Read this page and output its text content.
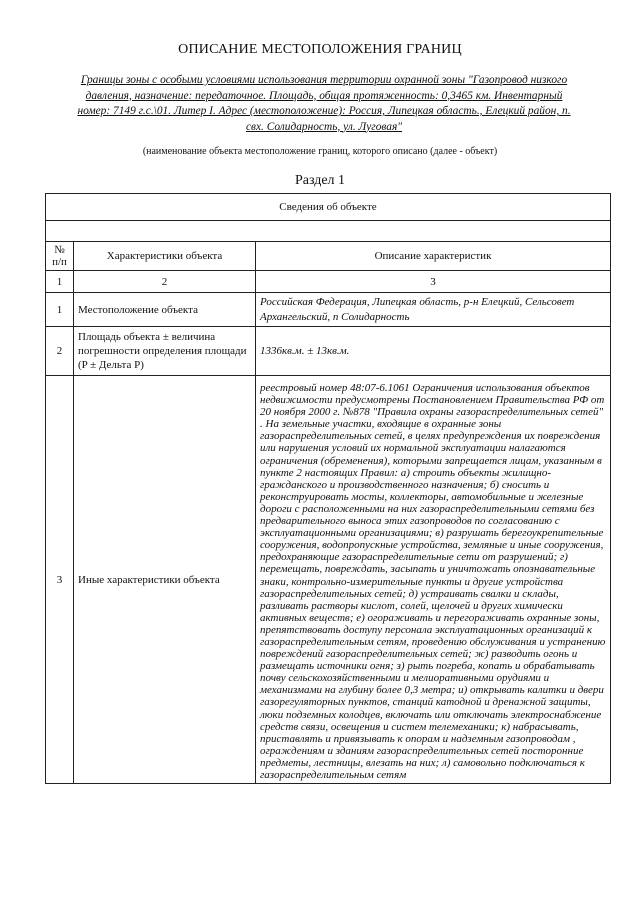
ОПИСАНИЕ МЕСТОПОЛОЖЕНИЯ ГРАНИЦ
Границы зоны с особыми условиями использования территории охранной зоны "Газопровод низкого давления, назначение: передаточное. Площадь, общая протяженность: 0,3465 км. Инвентарный номер: 7149 г.с.\01. Литер I. Адрес (местоположение): Россия, Липецкая область., Елецкий район, п. свх. Солидарность, ул. Луговая"
(наименование объекта местоположение границ, которого описано (далее - объект)
Раздел 1
Сведения об объекте		

№ п/п	Характеристики объекта	Описание характеристик
1	2	3
1	Местоположение объекта	Российская Федерация, Липецкая область, р-н Елецкий, Сельсовет Архангельский, п Солидарность
2	Площадь объекта ± величина погрешности определения площади (P ± Дельта P)	1336кв.м. ± 13кв.м.
3	Иные характеристики объекта	реестровый номер 48:07-6.1061 Ограничения использования объектов недвижимости предусмотрены Постановлением Правительства РФ от 20 ноября 2000 г. №878 "Правила охраны газораспределительных сетей" . На земельные участки, входящие в охранные зоны газораспределительных сетей, в целях предупреждения их повреждения или нарушения условий их нормальной эксплуатации налагаются ограничения (обременения), которыми запрещается лицам, указанным в пункте 2 настоящих Правил: а) строить объекты жилищно-гражданского и производственного назначения; б) сносить и реконструировать мосты, коллекторы, автомобильные и железные дороги с расположенными на них газораспределительными сетями без предварительного выноса этих газопроводов по согласованию с эксплуатационными организациями; в) разрушать берегоукрепительные сооружения, водопропускные устройства, земляные и иные сооружения, предохраняющие газораспределительные сети от разрушений; г) перемещать, повреждать, засыпать и уничтожать опознавательные знаки, контрольно-измерительные пункты и другие устройства газораспределительных сетей; д) устраивать свалки и склады, разливать растворы кислот, солей, щелочей и других химически активных веществ; е) огораживать и перегораживать охранные зоны, препятствовать доступу персонала эксплуатационных организаций к газораспределительным сетям, проведению обслуживания и устранению повреждений газораспределительных сетей; ж) разводить огонь и размещать источники огня; з) рыть погреба, копать и обрабатывать почву сельскохозяйственными и мелиоративными орудиями и механизмами на глубину более 0,3 метра; и) открывать калитки и двери газорегуляторных пунктов, станций катодной и дренажной защиты, люки подземных колодцев, включать или отключать электроснабжение средств связи, освещения и систем телемеханики; к) набрасывать, приставлять и привязывать к опорам и надземным газопроводам , ограждениям и зданиям газораспределительных сетей посторонние предметы, лестницы, влезать на них; л) самовольно подключаться к газораспределительным сетям
